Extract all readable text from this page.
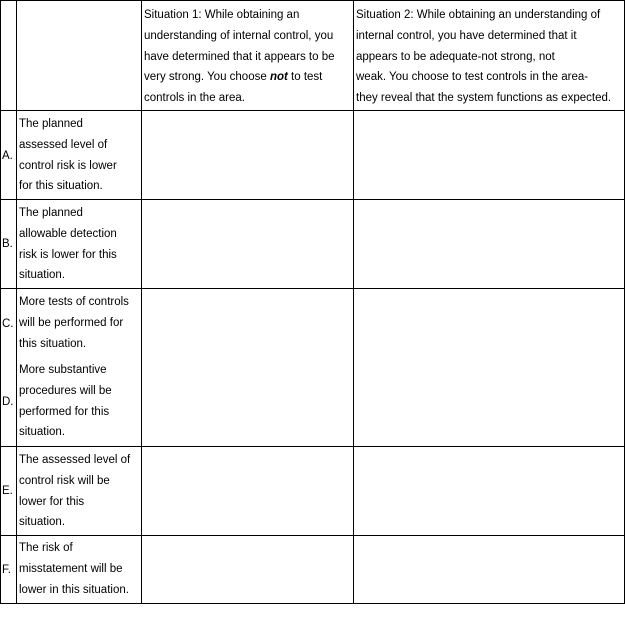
Situation 1: While obtaining an
understanding of internal control, you
have determined that it appears to be
very strong. You choose not to test
controls in the area.
Situation 2: While obtaining an understanding of
internal control, you have determined that it
appears to be adequate-not strong, not
weak. You choose to test controls in the area-
they reveal that the system functions as expected.
A.
The planned
assessed level of
control risk is lower
for this situation.
B.
The planned
allowable detection
risk is lower for this
situation.
C.
More tests of controls
will be performed for
this situation.
D.
More substantive
procedures will be
performed for this
situation.
E.
The assessed level of
control risk will be
lower for this
situation.
F.
The risk of
misstatement will be
lower in this situation.
